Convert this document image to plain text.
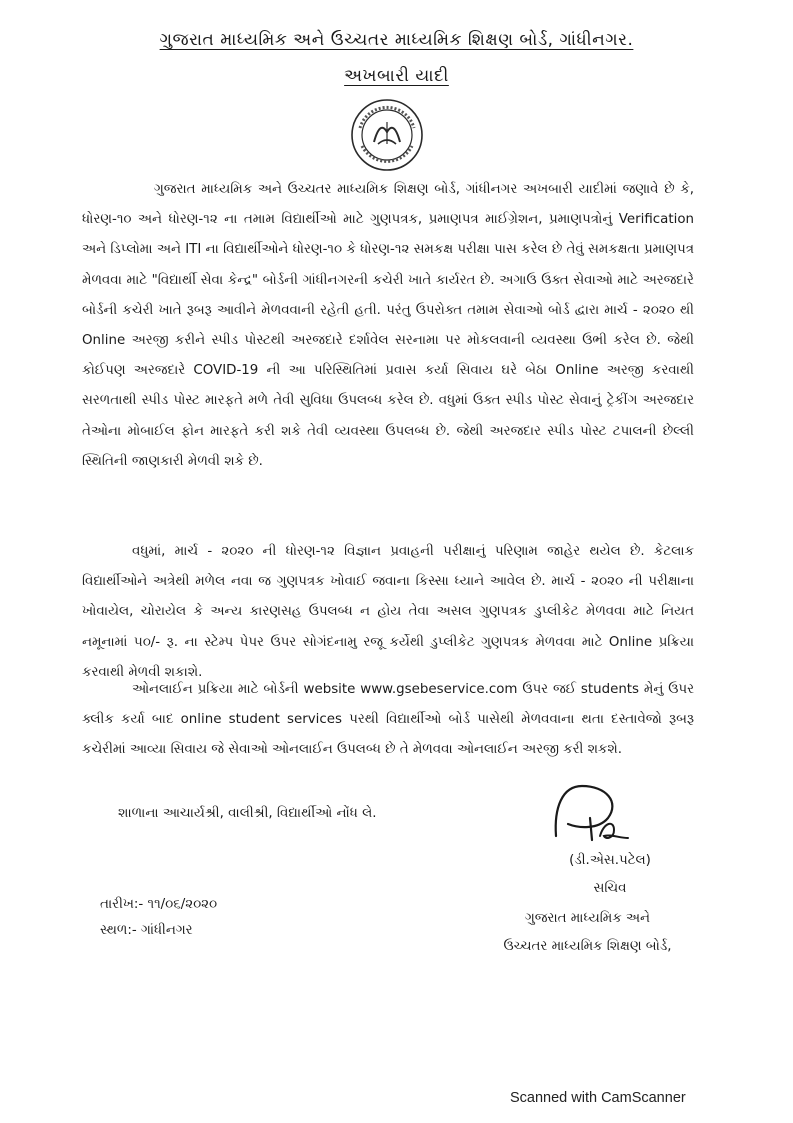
ગુજરાત માધ્યમિક અને ઉચ્ચતર માધ્યમિક શિક્ષણ બોર્ડ, ગાંધીનગર.
અખબારી યાદી

ગુજરાત માધ્યમિક અને ઉચ્ચતર માધ્યમિક શિક્ષણ બોર્ડ, ગાંધીનગર અખબારી યાદીમાં જણાવે છે કે, ધોરણ-૧૦ અને ધોરણ-૧૨ ના તમામ વિદ્યાર્થીઓ માટે ગુણપત્રક, પ્રમાણપત્ર માઈગ્રેશન, પ્રમાણપત્રોનું Verification અને ડિપ્લોમા અને ITI ના વિદ્યાર્થીઓને ધોરણ-૧૦ કે ધોરણ-૧૨ સમકક્ષ પરીક્ષા પાસ કરેલ છે તેવું સમકક્ષતા પ્રમાણપત્ર મેળવવા માટે "વિદ્યાર્થી સેવા કેન્દ્ર" બોર્ડની ગાંધીનગરની કચેરી ખાતે કાર્યરત છે. અગાઉ ઉક્ત સેવાઓ માટે અરજદારે બોર્ડની કચેરી ખાતે રૂબરૂ આવીને મેળવવાની રહેતી હતી. પરંતુ ઉપરોક્ત તમામ સેવાઓ બોર્ડ દ્વારા માર્ચ - ૨૦૨૦ થી Online અરજી કરીને સ્પીડ પોસ્ટથી અરજદારે દર્શાવેલ સરનામા પર મોકલવાની વ્યવસ્થા ઉભી કરેલ છે. જેથી કોઈપણ અરજદારે COVID-19 ની આ પરિસ્થિતિમાં પ્રવાસ કર્યા સિવાય ઘરે બેઠા Online અરજી કરવાથી સરળતાથી સ્પીડ પોસ્ટ મારફતે મળે તેવી સુવિધા ઉપલબ્ધ કરેલ છે. વધુમાં ઉક્ત સ્પીડ પોસ્ટ સેવાનું ટ્રેકીંગ અરજદાર તેઓના મોબાઈલ ફોન મારફતે કરી શકે તેવી વ્યવસ્થા ઉપલબ્ધ છે. જેથી અરજદાર સ્પીડ પોસ્ટ ટપાલની છેલ્લી સ્થિતિની જાણકારી મેળવી શકે છે.

વધુમાં, માર્ચ - ૨૦૨૦ ની ધોરણ-૧૨ વિજ્ઞાન પ્રવાહની પરીક્ષાનું પરિણામ જાહેર થયેલ છે. કેટલાક વિદ્યાર્થીઓને અત્રેથી મળેલ નવા જ ગુણપત્રક ખોવાઈ જવાના કિસ્સા ધ્યાને આવેલ છે. માર્ચ - ૨૦૨૦ ની પરીક્ષાના ખોવાયેલ, ચોરાયેલ કે અન્ય કારણસહ ઉપલબ્ધ ન હોય તેવા અસલ ગુણપત્રક ડુપ્લીકેટ મેળવવા માટે નિયત નમૂનામાં ૫૦/- રૂ. ના સ્ટેમ્પ પેપર ઉપર સોગંદનામુ રજૂ કર્યેથી ડુપ્લીકેટ ગુણપત્રક મેળવવા માટે Online પ્રક્રિયા કરવાથી મેળવી શકાશે.

ઓનલાઈન પ્રક્રિયા માટે બોર્ડની website www.gsebeservice.com ઉપર જઈ students મેનું ઉપર ક્લીક કર્યા બાદ online student services પરથી વિદ્યાર્થીઓ બોર્ડ પાસેથી મેળવવાના થતા દસ્તાવેજો રૂબરૂ કચેરીમાં આવ્યા સિવાય જે સેવાઓ ઓનલાઈન ઉપલબ્ધ છે તે મેળવવા ઓનલાઈન અરજી કરી શકશે.

શાળાના આચાર્યશ્રી, વાલીશ્રી, વિદ્યાર્થીઓ નોંધ લે.

(ડી.એસ.પટેલ)
સચિવ
ગુજરાત માધ્યમિક અને
ઉચ્ચતર માધ્યમિક શિક્ષણ બોર્ડ,
તારીખ:- ૧૧/૦૬/૨૦૨૦
સ્થળ:- ગાંધીનગર
Scanned with CamScanner
